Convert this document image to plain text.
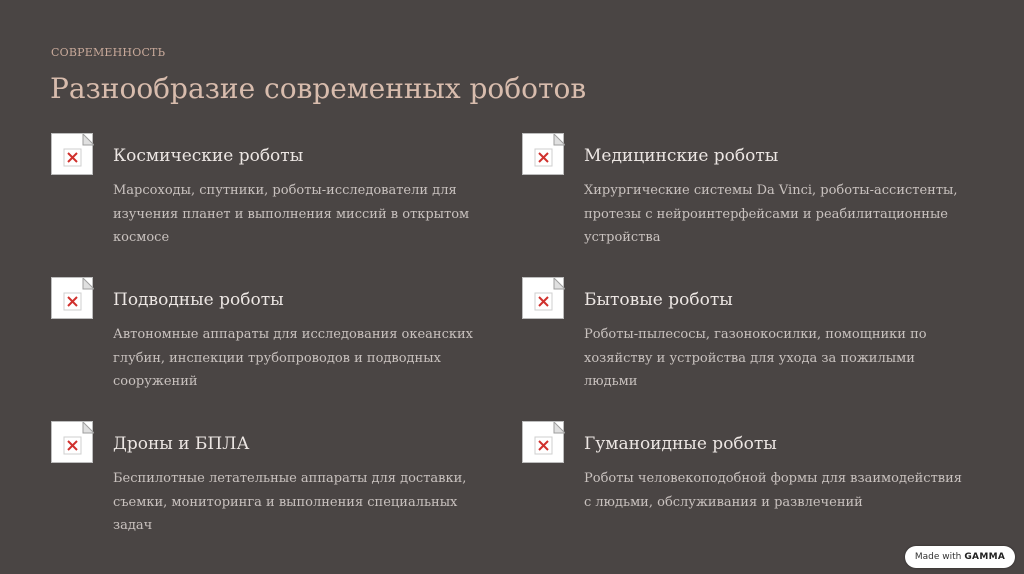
СОВРЕМЕННОСТЬ
Разнообразие современных роботов
Космические роботы
Марсоходы, спутники, роботы-исследователи для изучения планет и выполнения миссий в открытом космосе
Медицинские роботы
Хирургические системы Da Vinci, роботы-ассистенты, протезы с нейроинтерфейсами и реабилитационные устройства
Подводные роботы
Автономные аппараты для исследования океанских глубин, инспекции трубопроводов и подводных сооружений
Бытовые роботы
Роботы-пылесосы, газонокосилки, помощники по хозяйству и устройства для ухода за пожилыми людьми
Дроны и БПЛА
Беспилотные летательные аппараты для доставки, съемки, мониторинга и выполнения специальных задач
Гуманоидные роботы
Роботы человекоподобной формы для взаимодействия с людьми, обслуживания и развлечений
Made with GAMMA
